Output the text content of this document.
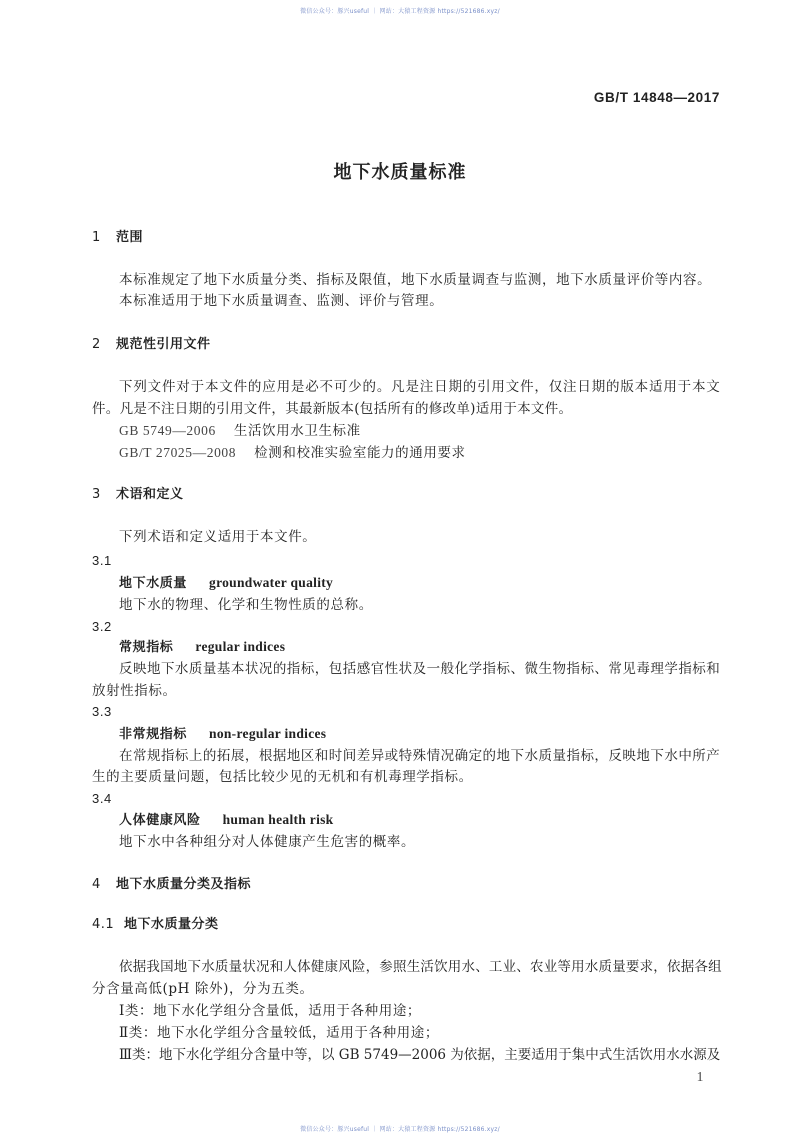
微信公众号：豚兴useful ｜ 网站：大猿工程资源 https://521686.xyz/
GB/T 14848—2017
地下水质量标准
1 范围
本标准规定了地下水质量分类、指标及限值，地下水质量调查与监测，地下水质量评价等内容。
本标准适用于地下水质量调查、监测、评价与管理。
2 规范性引用文件
下列文件对于本文件的应用是必不可少的。凡是注日期的引用文件，仅注日期的版本适用于本文
件。凡是不注日期的引用文件，其最新版本(包括所有的修改单)适用于本文件。
GB 5749—2006 生活饮用水卫生标准
GB/T 27025—2008 检测和校准实验室能力的通用要求
3 术语和定义
下列术语和定义适用于本文件。
3.1
地下水质量 groundwater quality
地下水的物理、化学和生物性质的总称。
3.2
常规指标 regular indices
反映地下水质量基本状况的指标，包括感官性状及一般化学指标、微生物指标、常见毒理学指标和
放射性指标。
3.3
非常规指标 non-regular indices
在常规指标上的拓展，根据地区和时间差异或特殊情况确定的地下水质量指标，反映地下水中所产
生的主要质量问题，包括比较少见的无机和有机毒理学指标。
3.4
人体健康风险 human health risk
地下水中各种组分对人体健康产生危害的概率。
4 地下水质量分类及指标
4.1 地下水质量分类
依据我国地下水质量状况和人体健康风险，参照生活饮用水、工业、农业等用水质量要求，依据各组
分含量高低(pH 除外)，分为五类。
Ⅰ类：地下水化学组分含量低，适用于各种用途；
Ⅱ类：地下水化学组分含量较低，适用于各种用途；
Ⅲ类：地下水化学组分含量中等，以 GB 5749—2006 为依据，主要适用于集中式生活饮用水水源及
1
微信公众号：豚兴useful ｜ 网站：大猿工程资源 https://521686.xyz/
